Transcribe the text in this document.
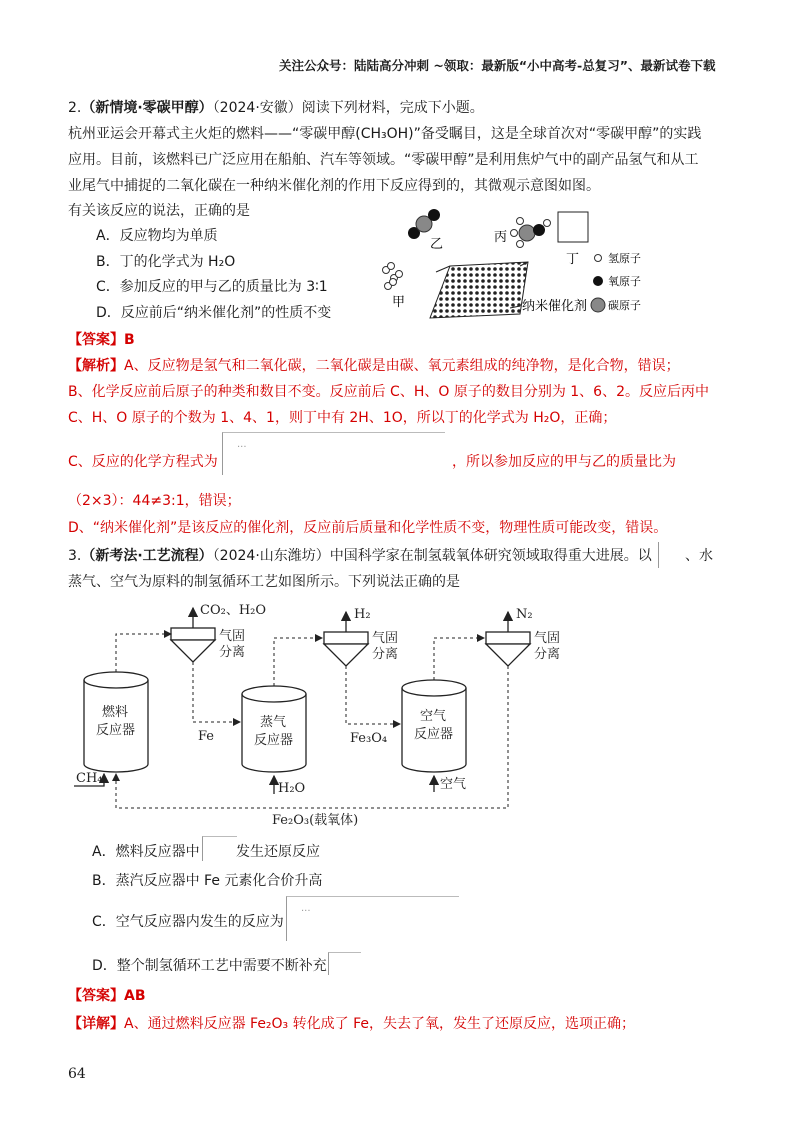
关注公众号：陆陆高分冲刺 ~领取：最新版“小中高考-总复习”、最新试卷下载
2.（新情境·零碳甲醇）（2024·安徽）阅读下列材料，完成下小题。
杭州亚运会开幕式主火炬的燃料——“零碳甲醇(CH₃OH)”备受瞩目，这是全球首次对“零碳甲醇”的实践
应用。目前，该燃料已广泛应用在船舶、汽车等领域。“零碳甲醇”是利用焦炉气中的副产品氢气和从工
业尾气中捕捉的二氧化碳在一种纳米催化剂的作用下反应得到的，其微观示意图如图。
有关该反应的说法，正确的是
A．反应物均为单质
B．丁的化学式为 H₂O
C．参加反应的甲与乙的质量比为 3∶1
D．反应前后“纳米催化剂”的性质不变
乙	丙
丁
甲	纳米催化剂
氢原子
氧原子
碳原子
【答案】B
【解析】A、反应物是氢气和二氧化碳，二氧化碳是由碳、氧元素组成的纯净物，是化合物，错误；
B、化学反应前后原子的种类和数目不变。反应前后 C、H、O 原子的数目分别为 1、6、2。反应后丙中
C、H、O 原子的个数为 1、4、1，则丁中有 2H、1O，所以丁的化学式为 H₂O，正确；
C、反应的化学方程式为
···
，所以参加反应的甲与乙的质量比为
（2×3）：44≠3:1，错误；
D、“纳米催化剂”是该反应的催化剂，反应前后质量和化学性质不变，物理性质可能改变，错误。
3.（新考法·工艺流程）（2024·山东潍坊）中国科学家在制氢载氧体研究领域取得重大进展。以 、水
蒸气、空气为原料的制氢循环工艺如图所示。下列说法正确的是
CO₂、H₂O
气固
分离
H₂
气固
分离
N₂
气固
分离
燃料
反应器
蒸气
反应器
空气
反应器
Fe	Fe₃O₄
CH₄
H₂O	空气
Fe₂O₃(载氧体)
A．燃料反应器中	发生还原反应
B．蒸汽反应器中 Fe 元素化合价升高
C．空气反应器内发生的反应为
···
D．整个制氢循环工艺中需要不断补充
【答案】AB
【详解】A、通过燃料反应器 Fe₂O₃ 转化成了 Fe，失去了氧，发生了还原反应，选项正确；
64
